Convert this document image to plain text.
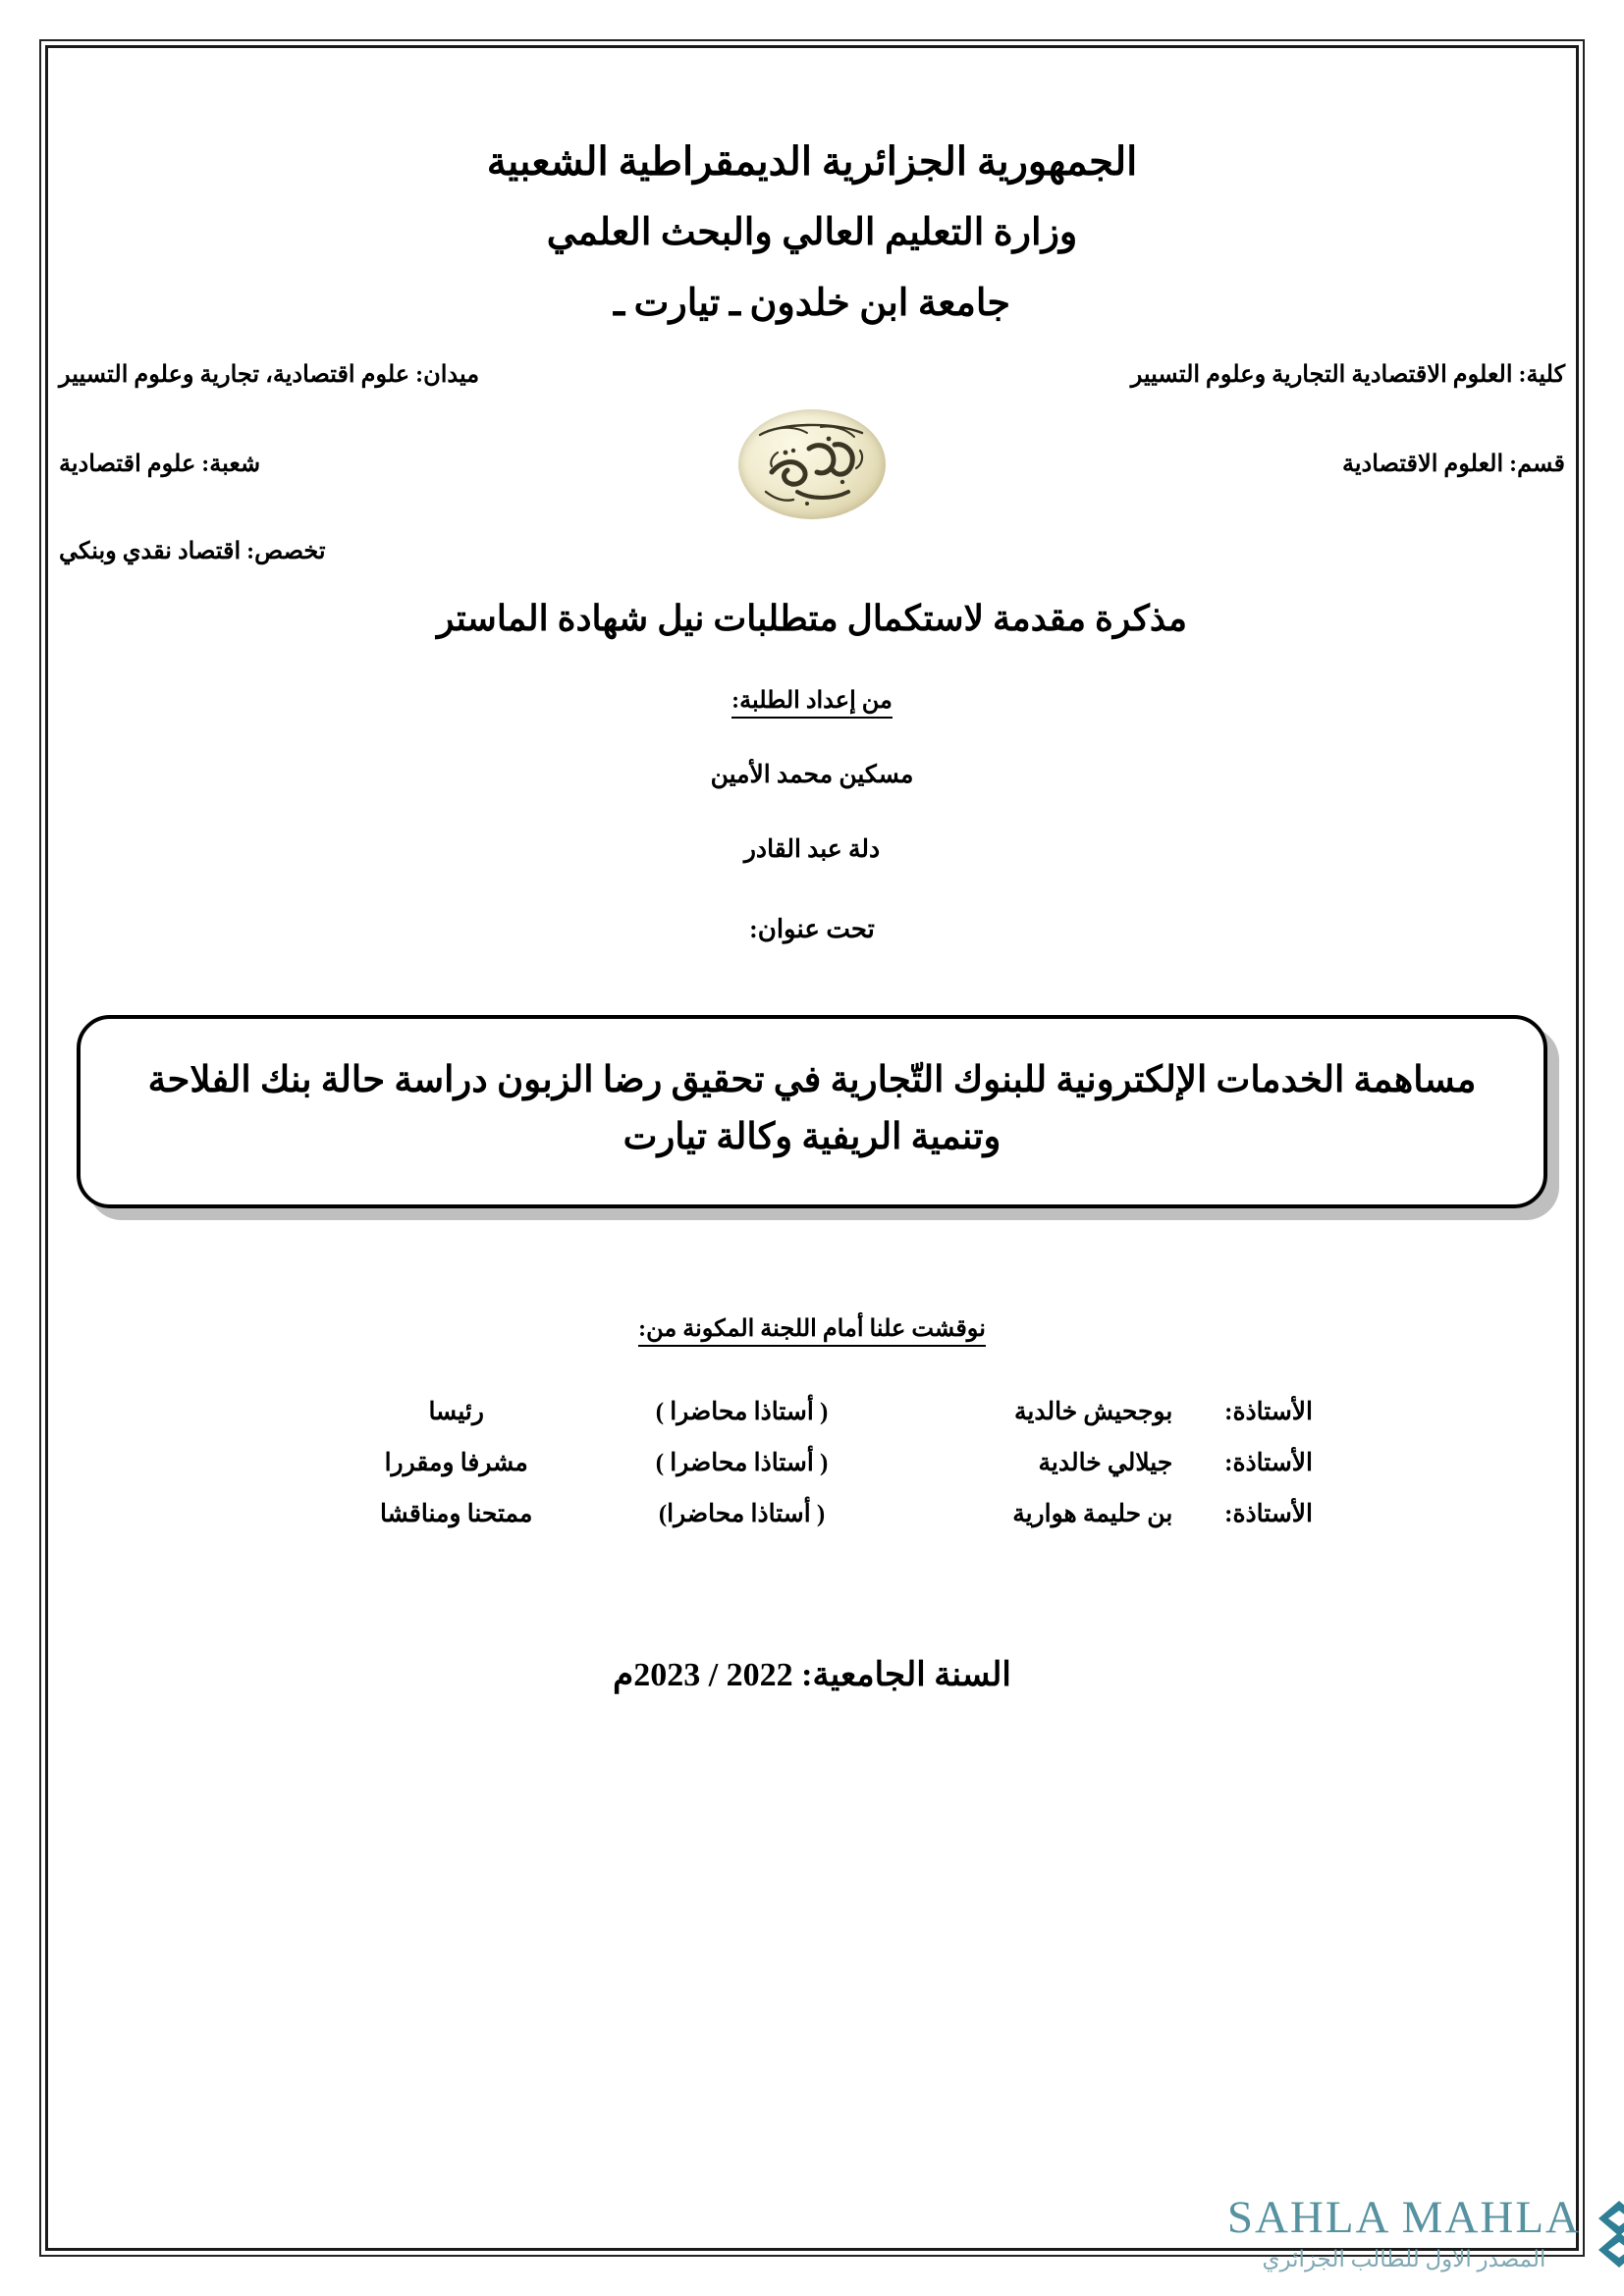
الجمهورية الجزائرية الديمقراطية الشعبية
وزارة التعليم العالي والبحث العلمي
جامعة ابن خلدون ـ تيارت ـ
كلية: العلوم الاقتصادية التجارية وعلوم التسيير
قسم: العلوم الاقتصادية
ميدان: علوم اقتصادية، تجارية وعلوم التسيير
شعبة: علوم اقتصادية
تخصص: اقتصاد نقدي وبنكي
مذكرة مقدمة لاستكمال متطلبات نيل شهادة الماستر
من إعداد الطلبة:
مسكين محمد الأمين
دلة عبد القادر
تحت عنوان:
مساهمة الخدمات الإلكترونية للبنوك التّجارية في تحقيق رضا الزبون دراسة حالة بنك الفلاحة وتنمية الريفية وكالة تيارت
نوقشت علنا أمام اللجنة المكونة من:
الأستاذة:	بوجحيش خالدية	( أستاذا محاضرا )	رئيسا
الأستاذة:	جيلالي خالدية	( أستاذا محاضرا )	مشرفا ومقررا
الأستاذة:	بن حليمة هوارية	( أستاذا محاضرا)	ممتحنا ومناقشا
السنة الجامعية: 2022 / 2023م
SAHLA MAHLA
المصدر الاول للطالب الجزائري
